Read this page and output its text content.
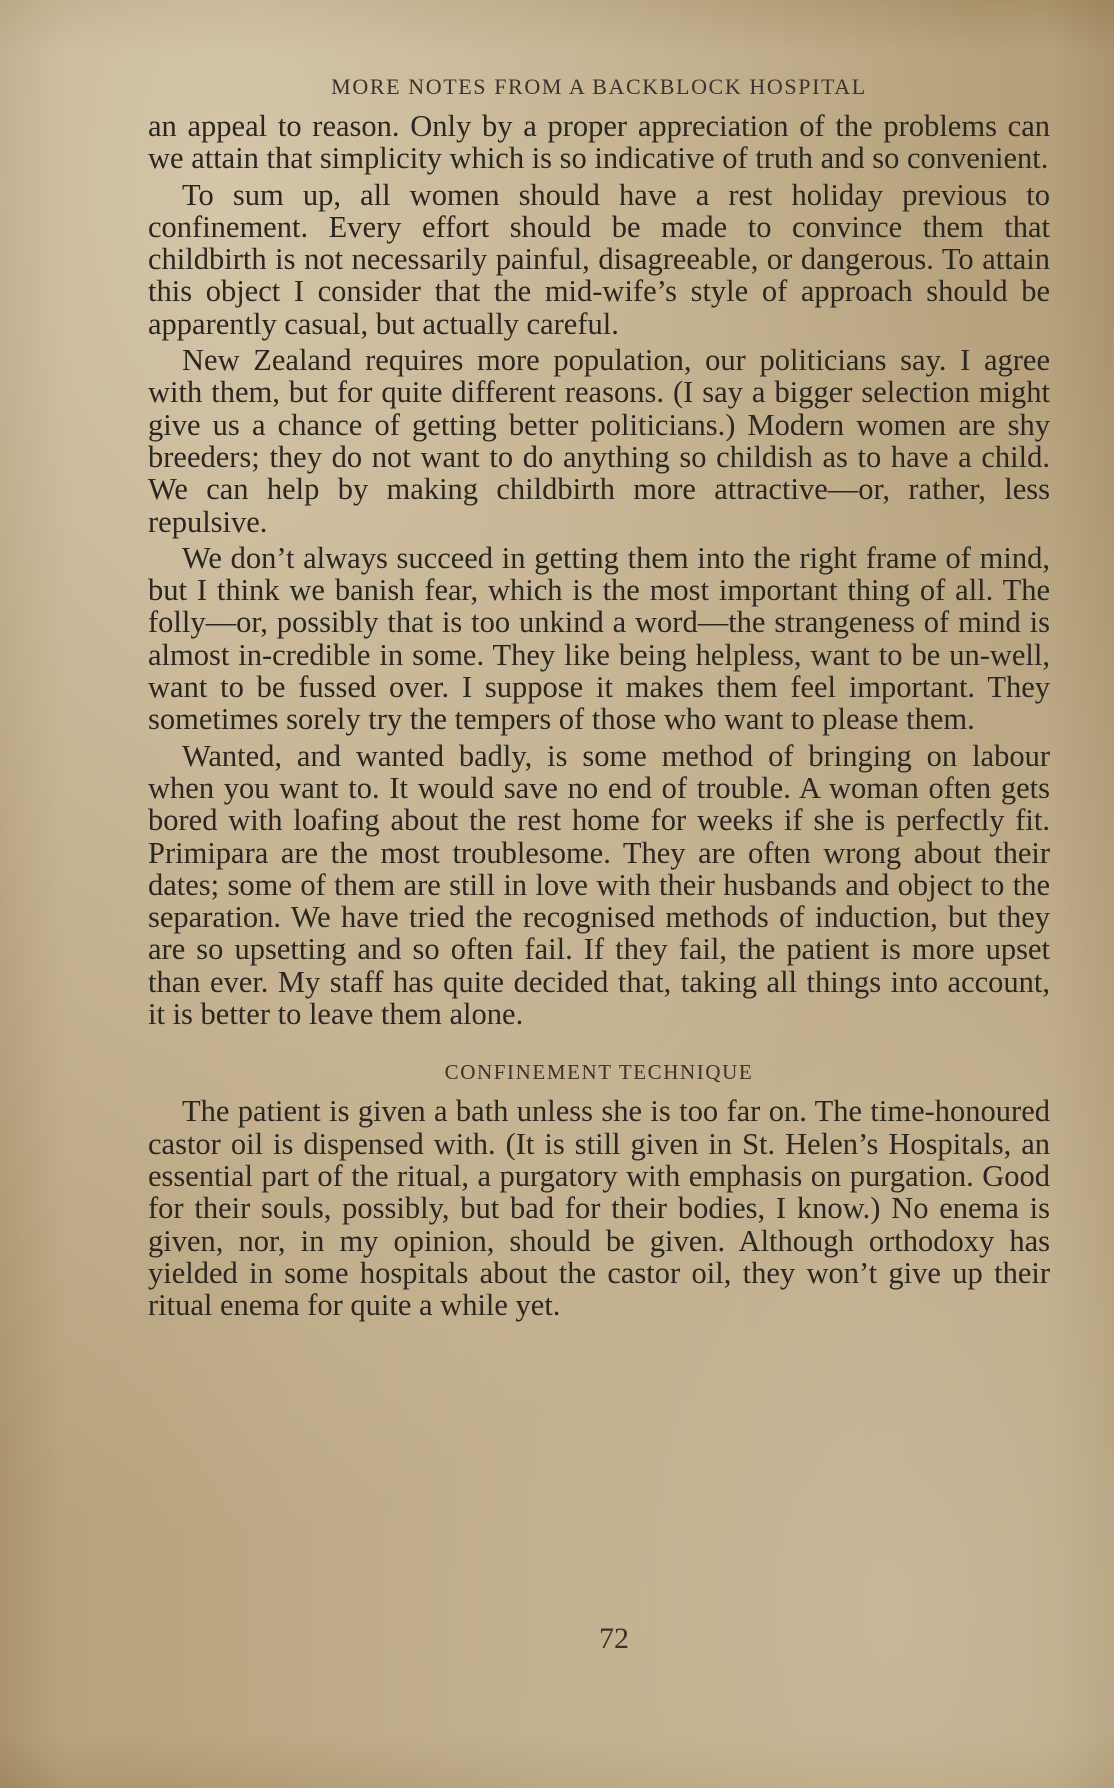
MORE NOTES FROM A BACKBLOCK HOSPITAL

an appeal to reason. Only by a proper appreciation of the problems can we attain that simplicity which is so indicative of truth and so convenient.

To sum up, all women should have a rest holiday previous to confinement. Every effort should be made to convince them that childbirth is not necessarily painful, disagreeable, or dangerous. To attain this object I consider that the mid-wife’s style of approach should be apparently casual, but actually careful.

New Zealand requires more population, our politicians say. I agree with them, but for quite different reasons. (I say a bigger selection might give us a chance of getting better politicians.) Modern women are shy breeders; they do not want to do anything so childish as to have a child. We can help by making childbirth more attractive—or, rather, less repulsive.

We don’t always succeed in getting them into the right frame of mind, but I think we banish fear, which is the most important thing of all. The folly—or, possibly that is too unkind a word—the strangeness of mind is almost in-credible in some. They like being helpless, want to be un-well, want to be fussed over. I suppose it makes them feel important. They sometimes sorely try the tempers of those who want to please them.

Wanted, and wanted badly, is some method of bringing on labour when you want to. It would save no end of trouble. A woman often gets bored with loafing about the rest home for weeks if she is perfectly fit. Primipara are the most troublesome. They are often wrong about their dates; some of them are still in love with their husbands and object to the separation. We have tried the recognised methods of induction, but they are so upsetting and so often fail. If they fail, the patient is more upset than ever. My staff has quite decided that, taking all things into account, it is better to leave them alone.

CONFINEMENT TECHNIQUE

The patient is given a bath unless she is too far on. The time-honoured castor oil is dispensed with. (It is still given in St. Helen’s Hospitals, an essential part of the ritual, a purgatory with emphasis on purgation. Good for their souls, possibly, but bad for their bodies, I know.) No enema is given, nor, in my opinion, should be given. Although orthodoxy has yielded in some hospitals about the castor oil, they won’t give up their ritual enema for quite a while yet.

72
